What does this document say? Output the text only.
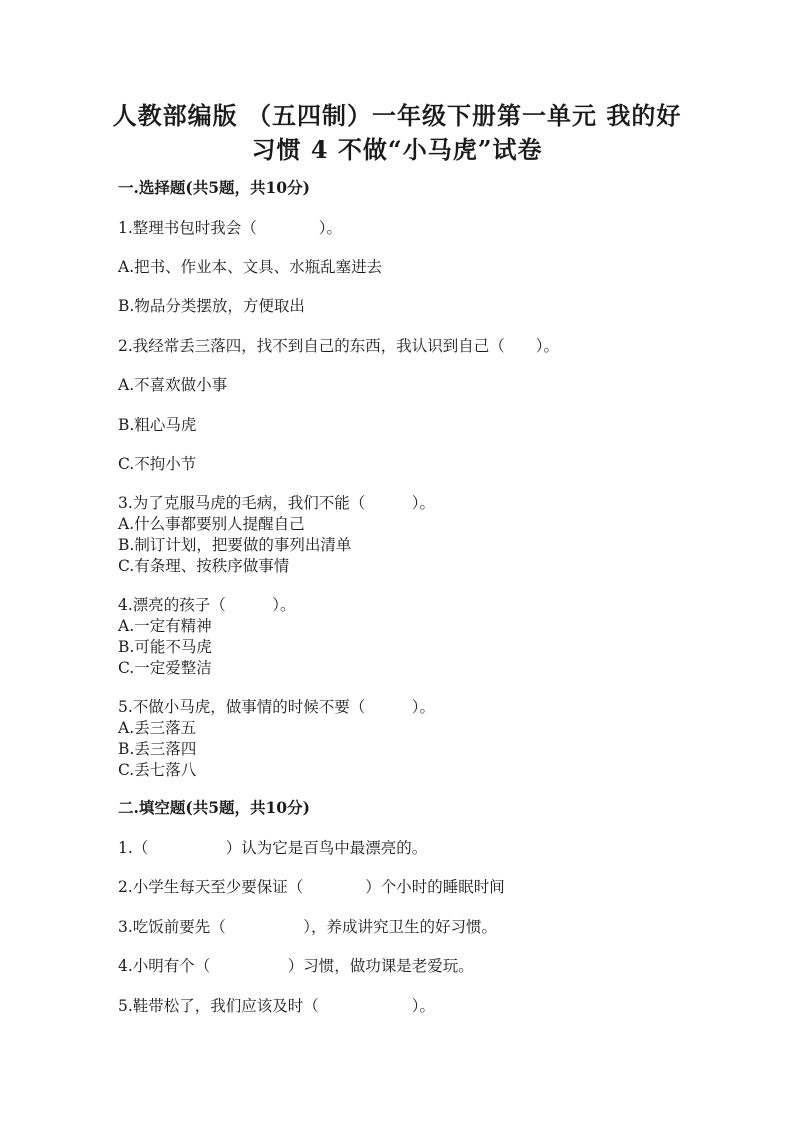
人教部编版 （五四制）一年级下册第一单元 我的好
习惯 4 不做“小马虎”试卷
一.选择题(共5题，共10分)
1.整理书包时我会（　　　　）。
A.把书、作业本、文具、水瓶乱塞进去
B.物品分类摆放，方便取出
2.我经常丢三落四，找不到自己的东西，我认识到自己（　　）。
A.不喜欢做小事
B.粗心马虎
C.不拘小节
3.为了克服马虎的毛病，我们不能（　　　）。
A.什么事都要别人提醒自己
B.制订计划，把要做的事列出清单
C.有条理、按秩序做事情
4.漂亮的孩子（　　　）。
A.一定有精神
B.可能不马虎
C.一定爱整洁
5.不做小马虎，做事情的时候不要（　　　）。
A.丢三落五
B.丢三落四
C.丢七落八
二.填空题(共5题，共10分)
1.（　　　　　）认为它是百鸟中最漂亮的。
2.小学生每天至少要保证（　　　　）个小时的睡眠时间
3.吃饭前要先（　　　　　），养成讲究卫生的好习惯。
4.小明有个（　　　　　）习惯，做功课是老爱玩。
5.鞋带松了，我们应该及时（　　　　　　）。
